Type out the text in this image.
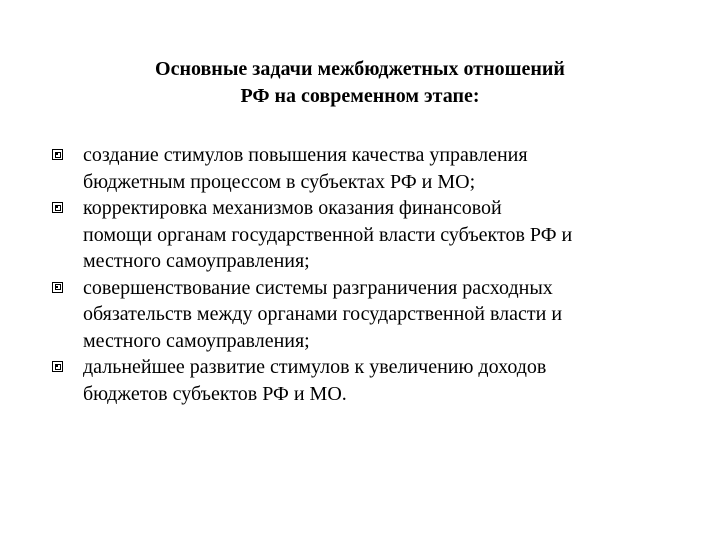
Основные задачи межбюджетных отношений
РФ на современном этапе:
создание стимулов повышения качества управления
бюджетным процессом в субъектах РФ и МО;
корректировка механизмов оказания финансовой
помощи органам государственной власти субъектов РФ и
местного самоуправления;
совершенствование системы разграничения расходных
обязательств между органами государственной власти и
местного самоуправления;
дальнейшее развитие стимулов к увеличению доходов
бюджетов субъектов РФ и МО.
